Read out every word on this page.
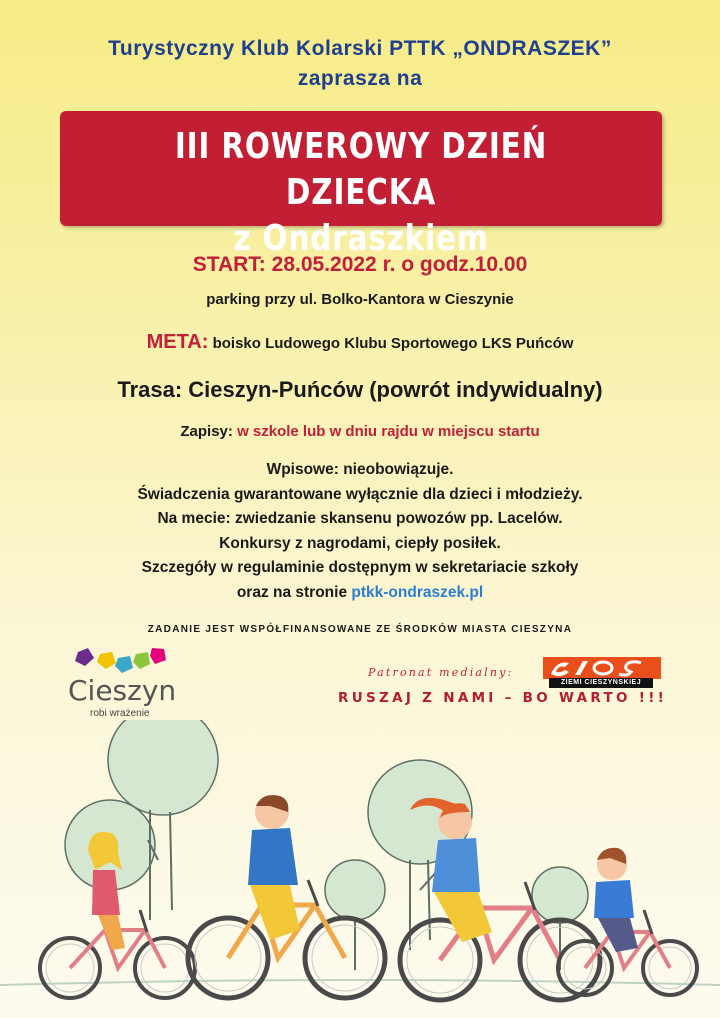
Turystyczny Klub Kolarski PTTK „ONDRASZEK”
zaprasza na
III ROWEROWY DZIEŃ DZIECKA
z Ondraszkiem
START: 28.05.2022 r. o godz.10.00
parking przy ul. Bolko-Kantora w Cieszynie
META: boisko Ludowego Klubu Sportowego LKS Puńców
Trasa: Cieszyn-Puńców (powrót indywidualny)
Zapisy: w szkole lub w dniu rajdu w miejscu startu
Wpisowe: nieobowiązuje.
Świadczenia gwarantowane wyłącznie dla dzieci i młodzieży.
Na mecie: zwiedzanie skansenu powozów pp. Lacelów.
Konkursy z nagrodami, ciepły posiłek.
Szczegóły w regulaminie dostępnym w sekretariacie szkoły
oraz na stronie ptkk-ondraszek.pl
ZADANIE JEST WSPÓŁFINANSOWANE ZE ŚRODKÓW MIASTA CIESZYNA
Cieszyn
robi wrażenie
Patronat medialny:
ZIEMI CIESZYŃSKIEJ
RUSZAJ Z NAMI – BO WARTO !!!
